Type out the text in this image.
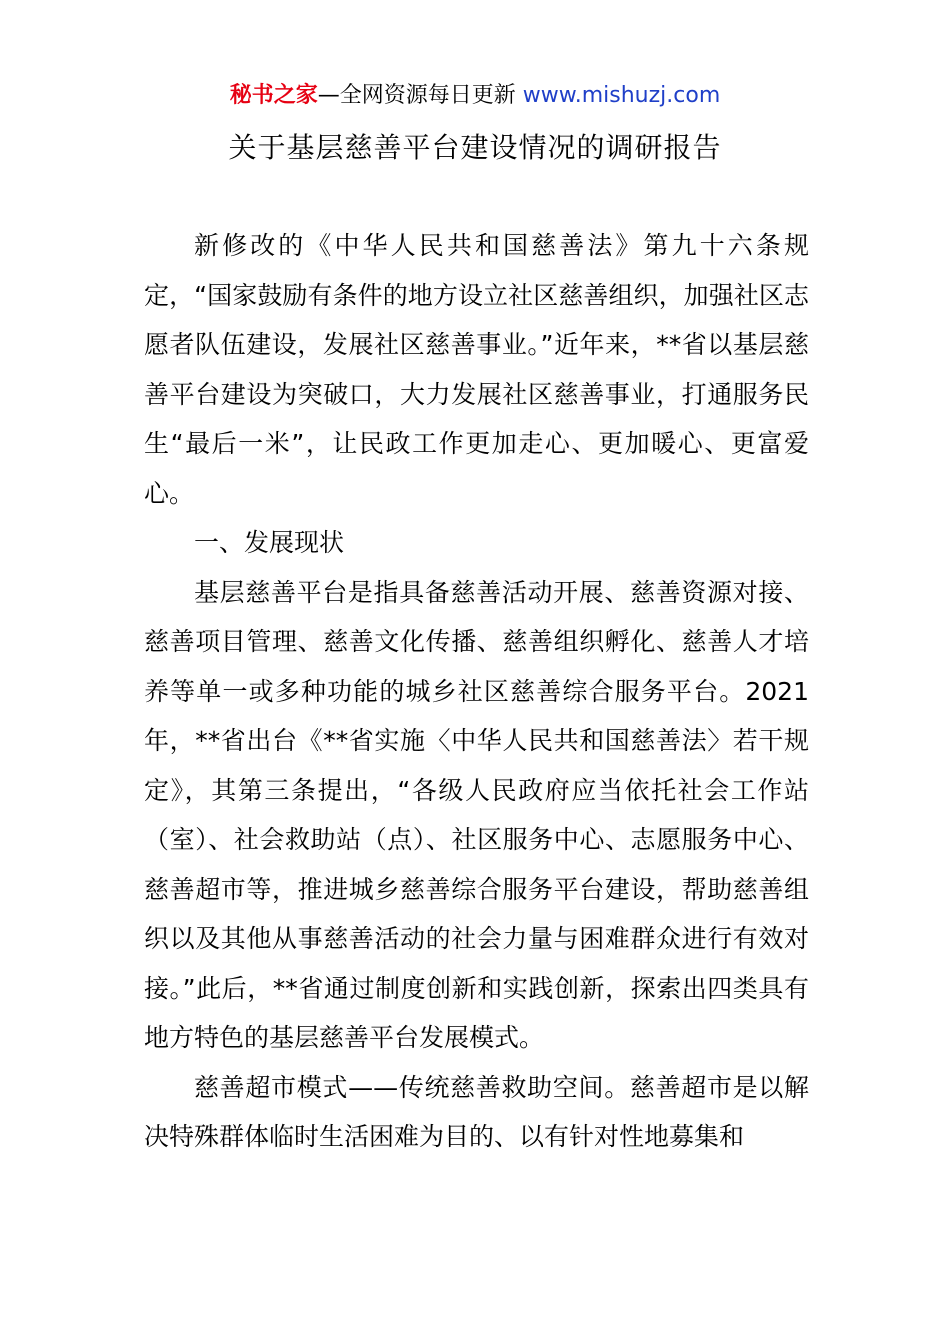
秘书之家—全网资源每日更新 www.mishuzj.com
关于基层慈善平台建设情况的调研报告

新修改的《中华人民共和国慈善法》第九十六条规定，“国家鼓励有条件的地方设立社区慈善组织，加强社区志愿者队伍建设，发展社区慈善事业。”近年来，**省以基层慈善平台建设为突破口，大力发展社区慈善事业，打通服务民生“最后一米”，让民政工作更加走心、更加暖心、更富爱心。

一、发展现状

基层慈善平台是指具备慈善活动开展、慈善资源对接、慈善项目管理、慈善文化传播、慈善组织孵化、慈善人才培养等单一或多种功能的城乡社区慈善综合服务平台。2021年，**省出台《**省实施〈中华人民共和国慈善法〉若干规定》，其第三条提出，“各级人民政府应当依托社会工作站（室）、社会救助站（点）、社区服务中心、志愿服务中心、慈善超市等，推进城乡慈善综合服务平台建设，帮助慈善组织以及其他从事慈善活动的社会力量与困难群众进行有效对接。”此后，**省通过制度创新和实践创新，探索出四类具有地方特色的基层慈善平台发展模式。

慈善超市模式——传统慈善救助空间。慈善超市是以解决特殊群体临时生活困难为目的、以有针对性地募集和
